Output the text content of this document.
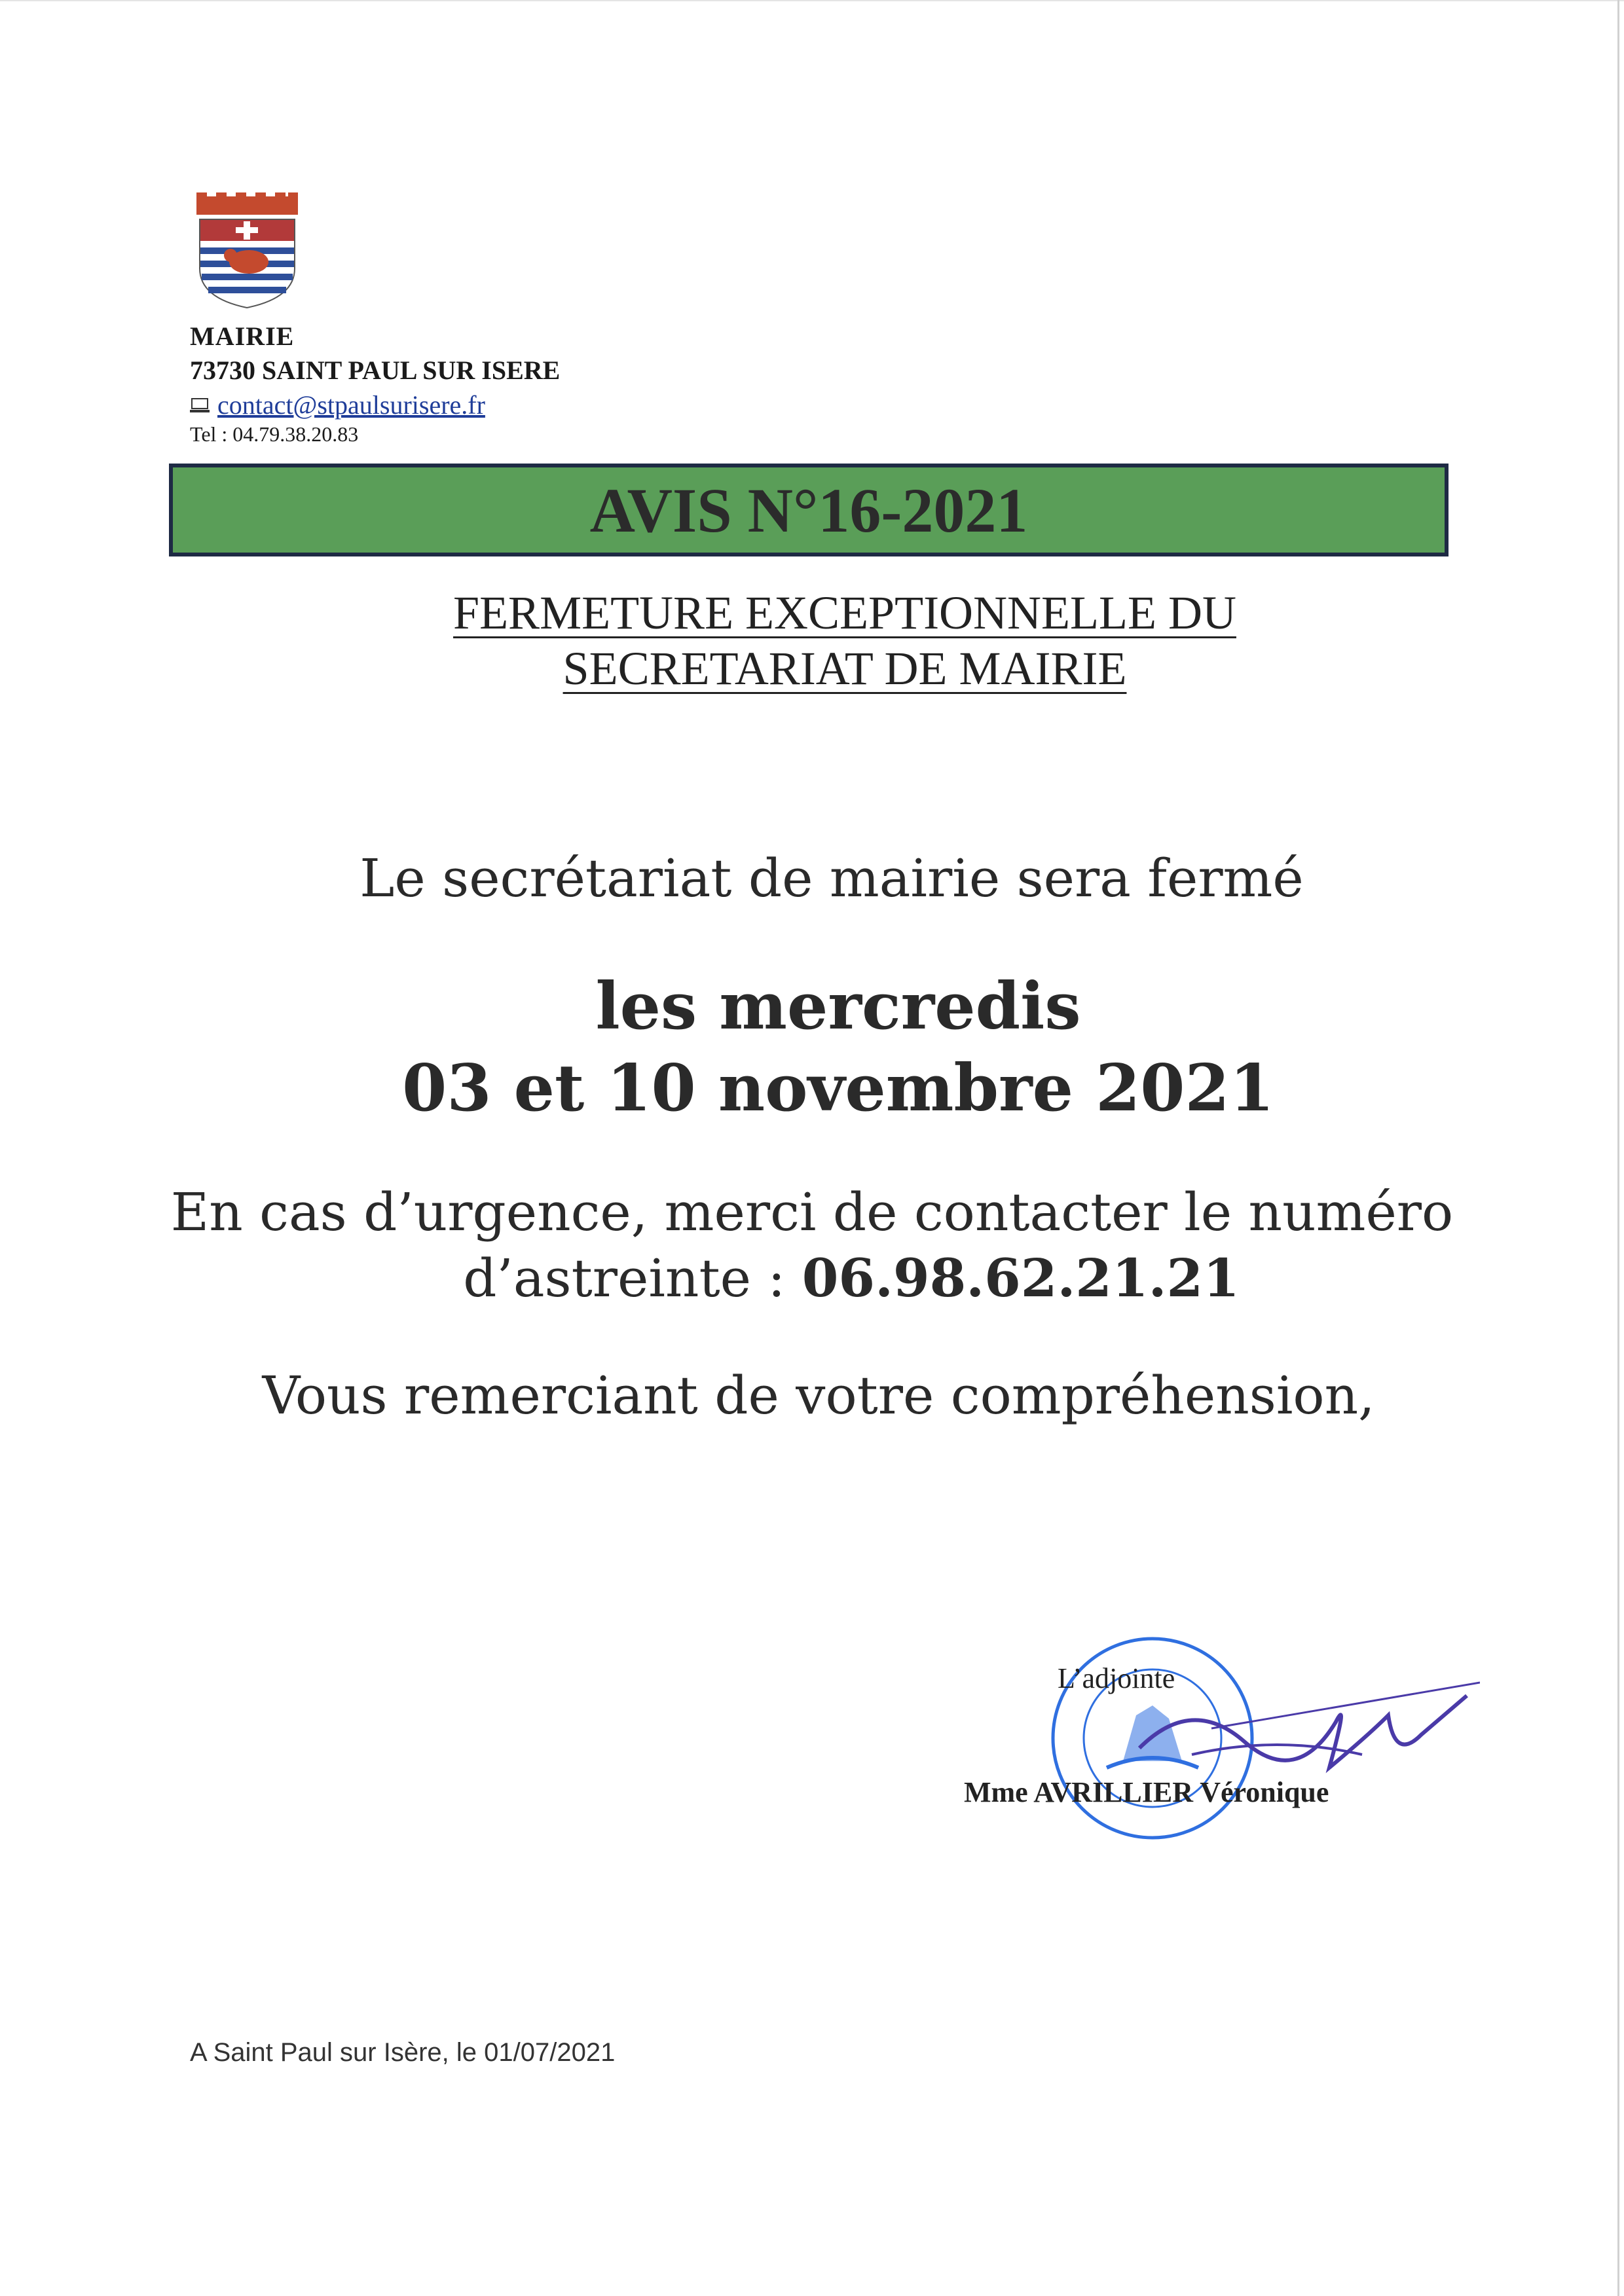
MAIRIE
73730 SAINT PAUL SUR ISERE
contact@stpaulsurisere.fr
Tel : 04.79.38.20.83
AVIS N°16-2021
FERMETURE EXCEPTIONNELLE DU
SECRETARIAT DE MAIRIE
Le secrétariat de mairie sera fermé
les mercredis
03 et 10 novembre 2021
En cas d’urgence, merci de contacter le numéro
d’astreinte : 06.98.62.21.21
Vous remerciant de votre compréhension,
L’adjointe
Mme AVRILLIER Véronique
A Saint Paul sur Isère, le 01/07/2021
